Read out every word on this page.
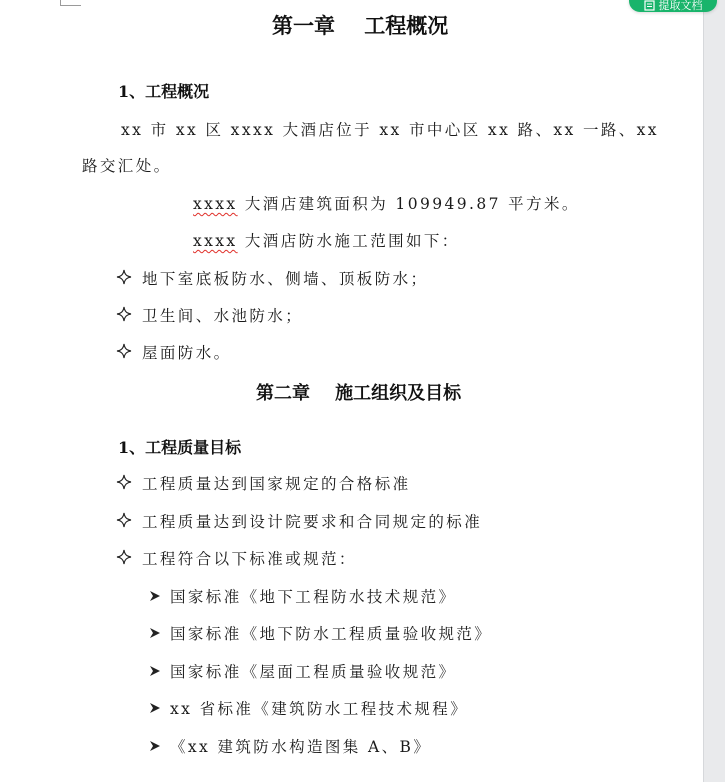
提取文档
第一章    工程概况
1、工程概况
xx 市 xx 区 xxxx 大酒店位于 xx 市中心区 xx 路、xx 一路、xx
路交汇处。
xxxx 大酒店建筑面积为 109949.87 平方米。
xxxx 大酒店防水施工范围如下：
地下室底板防水、侧墙、顶板防水；
卫生间、水池防水；
屋面防水。
第二章    施工组织及目标
1、工程质量目标
工程质量达到国家规定的合格标准
工程质量达到设计院要求和合同规定的标准
工程符合以下标准或规范：
国家标准《地下工程防水技术规范》
国家标准《地下防水工程质量验收规范》
国家标准《屋面工程质量验收规范》
xx 省标准《建筑防水工程技术规程》
《xx 建筑防水构造图集 A、B》
